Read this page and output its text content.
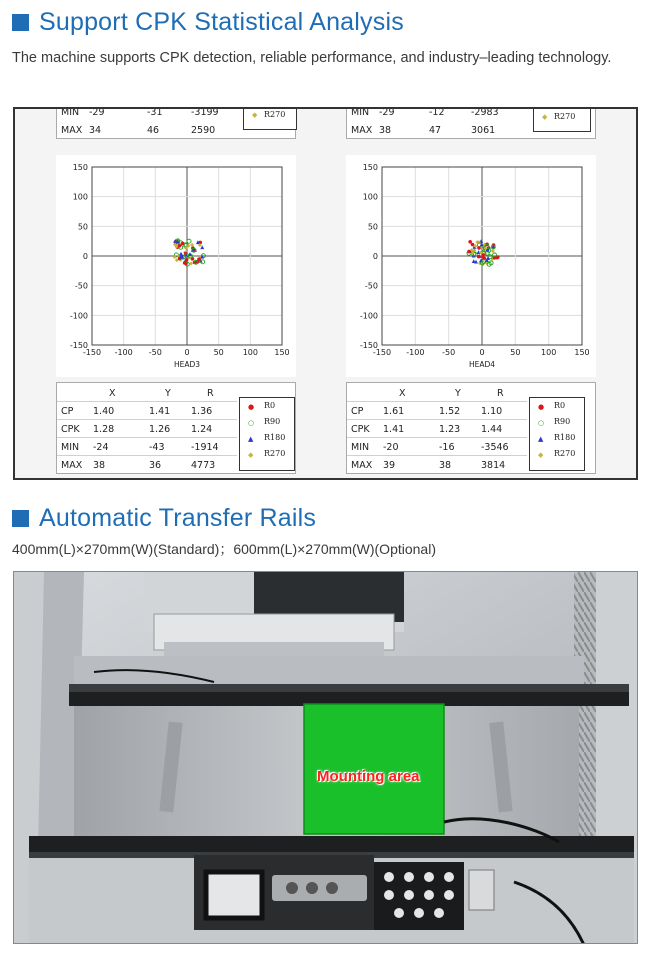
Support CPK Statistical Analysis
The machine supports CPK detection, reliable performance, and industry–leading technology.
MIN -29	-31	-3199
MAX 34	46	2590
◆ R270
-150 -100 -50	0	50 100 150
150
100
50
0
-50
-100
-150
HEAD3
X	Y	R
CP 1.40	1.41 1.36
CPK 1.28	1.26 1.24
MIN -24	-43	-1914
MAX 38	36	4773
● R0
○ R90
▲ R180
◆ R270
MIN -29	-12	-2983
MAX 38	47	3061
◆ R270
-150 -100 -50	0	50	100 150
150
100
50
0
-50
-100
-150
HEAD4
X	Y	R
CP 1.61	1.52 1.10
CPK 1.41	1.23 1.44
MIN -20	-16	-3546
MAX 39	38	3814
● R0
○ R90
▲ R180
◆ R270
Automatic Transfer Rails
400mm(L)×270mm(W)(Standard)；600mm(L)×270mm(W)(Optional)
Mounting area
